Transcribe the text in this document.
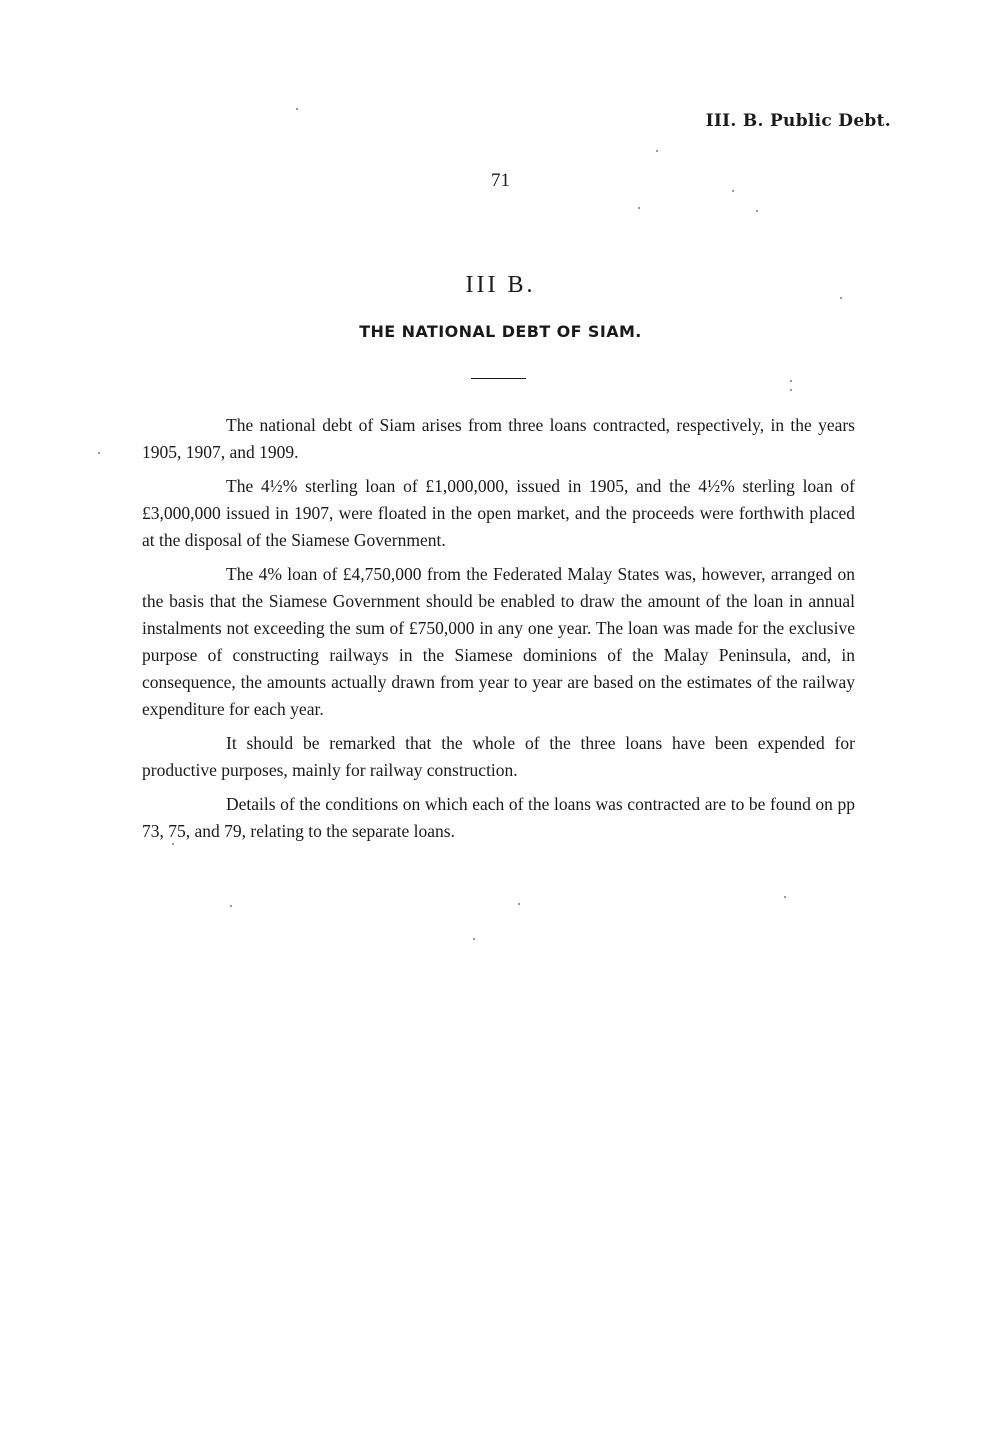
III. B. Public Debt.
71
III B.
THE NATIONAL DEBT OF SIAM.

The national debt of Siam arises from three loans contracted, respectively, in the years 1905, 1907, and 1909.

The 4½% sterling loan of £1,000,000, issued in 1905, and the 4½% sterling loan of £3,000,000 issued in 1907, were floated in the open market, and the proceeds were forthwith placed at the disposal of the Siamese Government.

The 4% loan of £4,750,000 from the Federated Malay States was, however, arranged on the basis that the Siamese Government should be enabled to draw the amount of the loan in annual instalments not exceeding the sum of £750,000 in any one year. The loan was made for the exclusive purpose of constructing railways in the Siamese dominions of the Malay Peninsula, and, in consequence, the amounts actually drawn from year to year are based on the estimates of the railway expenditure for each year.

It should be remarked that the whole of the three loans have been expended for productive purposes, mainly for railway construction.

Details of the conditions on which each of the loans was contracted are to be found on pp 73, 75, and 79, relating to the separate loans.
